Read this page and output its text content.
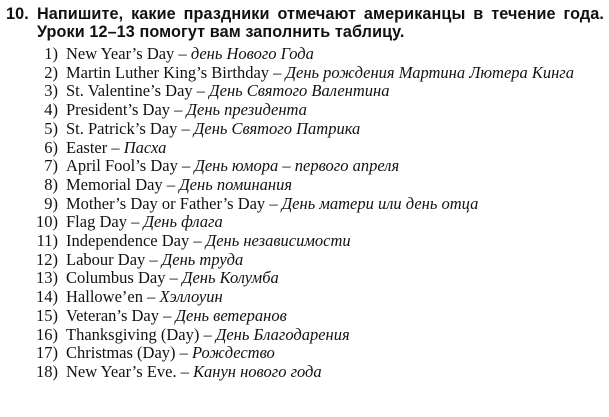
10. Напишите, какие праздники отмечают американцы в течение года. Уроки 12–13 помогут вам заполнить таблицу.
1) New Year’s Day – день Нового Года
2) Martin Luther King’s Birthday – День рождения Мартина Лютера Кинга
3) St. Valentine’s Day – День Святого Валентина
4) President’s Day – День президента
5) St. Patrick’s Day – День Святого Патрика
6) Easter – Пасха
7) April Fool’s Day – День юмора – первого апреля
8) Memorial Day – День поминания
9) Mother’s Day or Father’s Day – День матери или день отца
10) Flag Day – День флага
11) Independence Day – День независимости
12) Labour Day – День труда
13) Columbus Day – День Колумба
14) Hallowe’en – Хэллоуин
15) Veteran’s Day – День ветеранов
16) Thanksgiving (Day) – День Благодарения
17) Christmas (Day) – Рождество
18) New Year’s Eve. – Канун нового года
